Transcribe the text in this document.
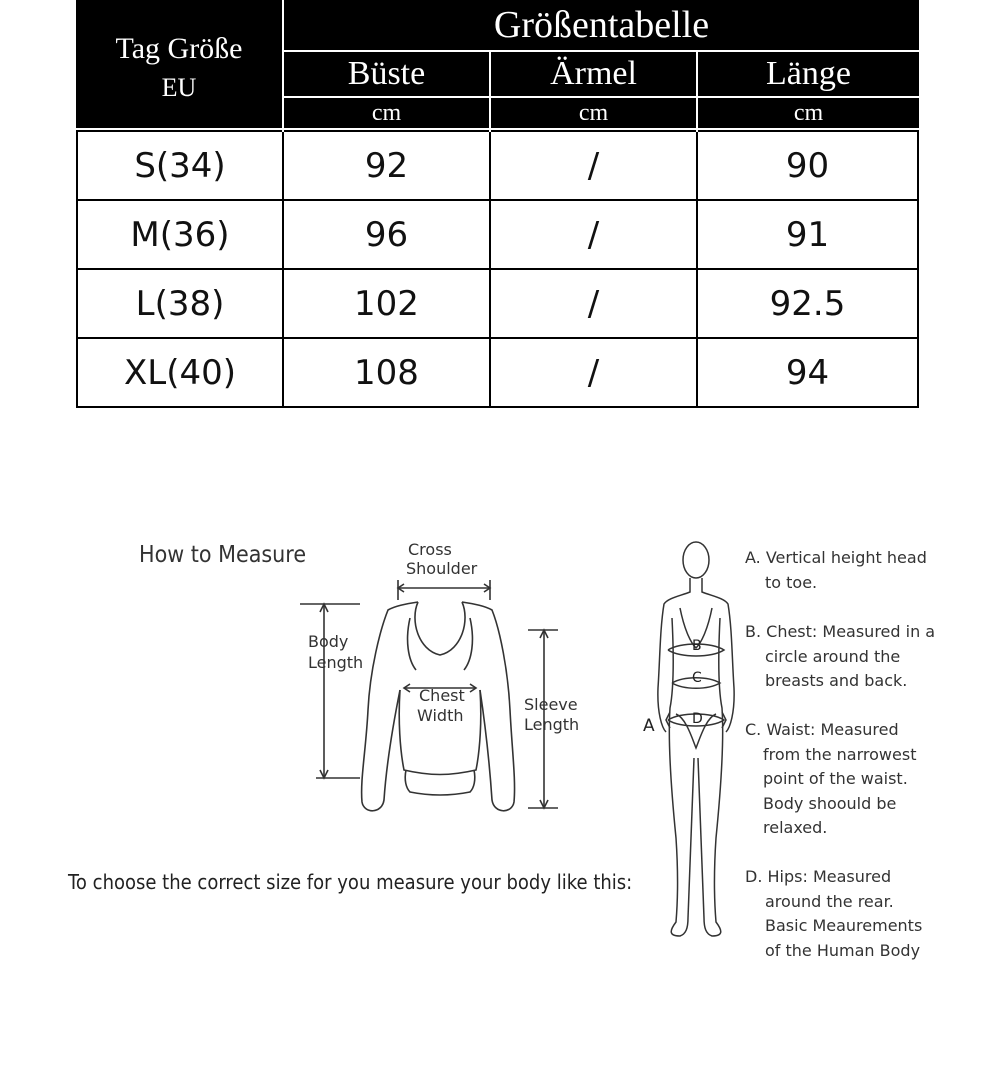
Tag Größe
EU
Größentabelle
Büste	Ärmel	Länge
cm	cm	cm
S(34)	92	/	90
M(36)	96	/	91
L(38)	102	/	92.5
XL(40)	108	/	94
How to Measure	Cross
Shoulder
Body
Length
Chest
Width
Sleeve
Length
To choose the correct size for you measure your body like this:
A
B
C
D
A. Vertical height head

to toe.
B. Chest: Measured in a

circle around the
breasts and back.
C. Waist: Measured

from the narrowest
point of the waist.
Body shoould be
relaxed.
D. Hips: Measured

around the rear.
Basic Meaurements
of the Human Body
